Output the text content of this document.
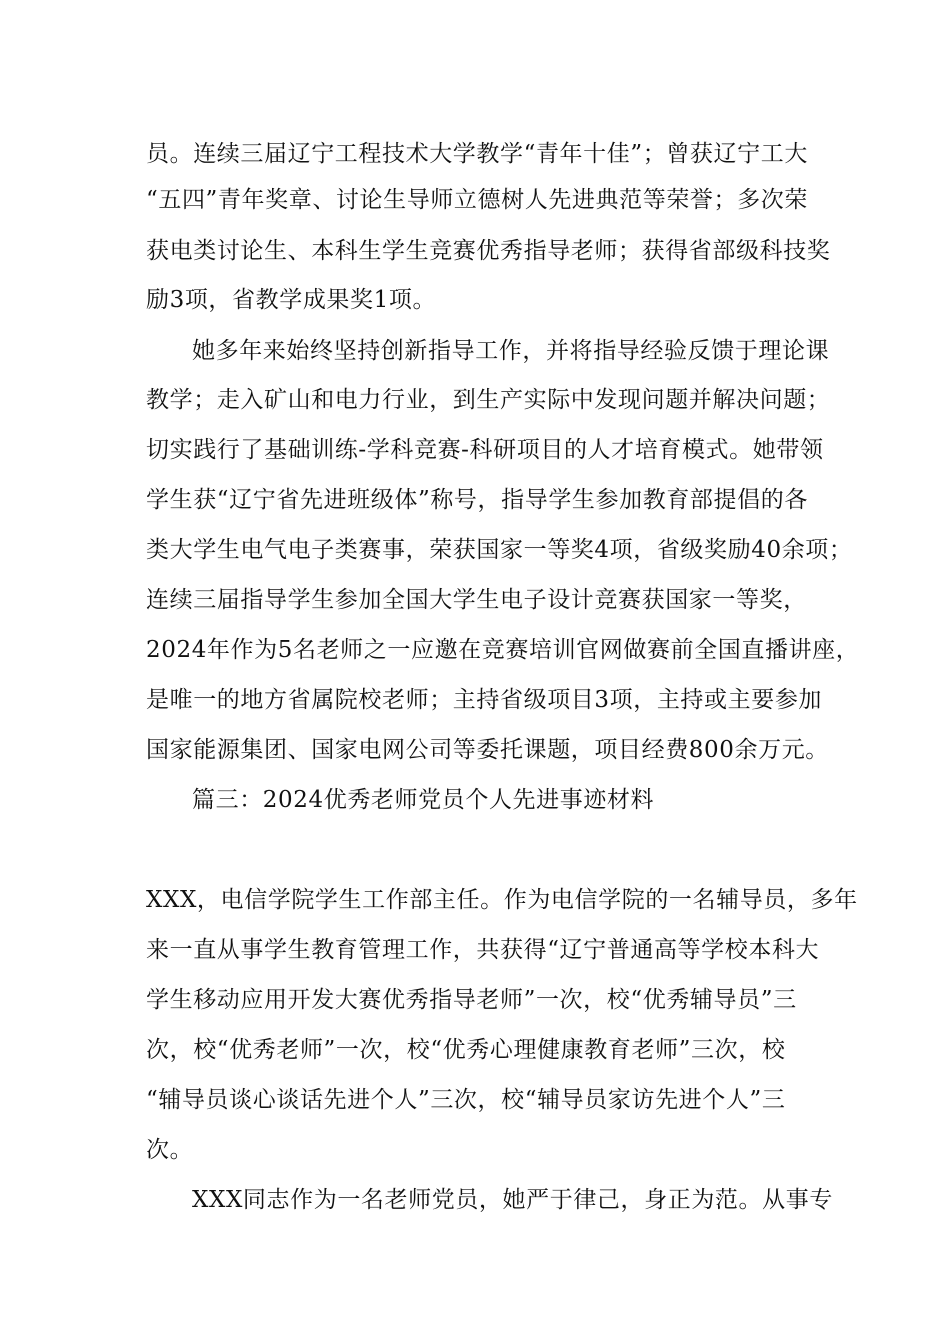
员。连续三届辽宁工程技术大学教学“青年十佳”；曾获辽宁工大
“五四”青年奖章、讨论生导师立德树人先进典范等荣誉；多次荣
获电类讨论生、本科生学生竞赛优秀指导老师；获得省部级科技奖
励3项，省教学成果奖1项。
她多年来始终坚持创新指导工作，并将指导经验反馈于理论课
教学；走入矿山和电力行业，到生产实际中发现问题并解决问题；
切实践行了基础训练-学科竞赛-科研项目的人才培育模式。她带领
学生获“辽宁省先进班级体”称号，指导学生参加教育部提倡的各
类大学生电气电子类赛事，荣获国家一等奖4项，省级奖励40余项；
连续三届指导学生参加全国大学生电子设计竞赛获国家一等奖，
2024年作为5名老师之一应邀在竞赛培训官网做赛前全国直播讲座，
是唯一的地方省属院校老师；主持省级项目3项，主持或主要参加
国家能源集团、国家电网公司等委托课题，项目经费800余万元。
篇三：2024优秀老师党员个人先进事迹材料
XXX，电信学院学生工作部主任。作为电信学院的一名辅导员，多年
来一直从事学生教育管理工作，共获得“辽宁普通高等学校本科大
学生移动应用开发大赛优秀指导老师”一次，校“优秀辅导员”三
次，校“优秀老师”一次，校“优秀心理健康教育老师”三次，校
“辅导员谈心谈话先进个人”三次，校“辅导员家访先进个人”三
次。
XXX同志作为一名老师党员，她严于律己，身正为范。从事专
